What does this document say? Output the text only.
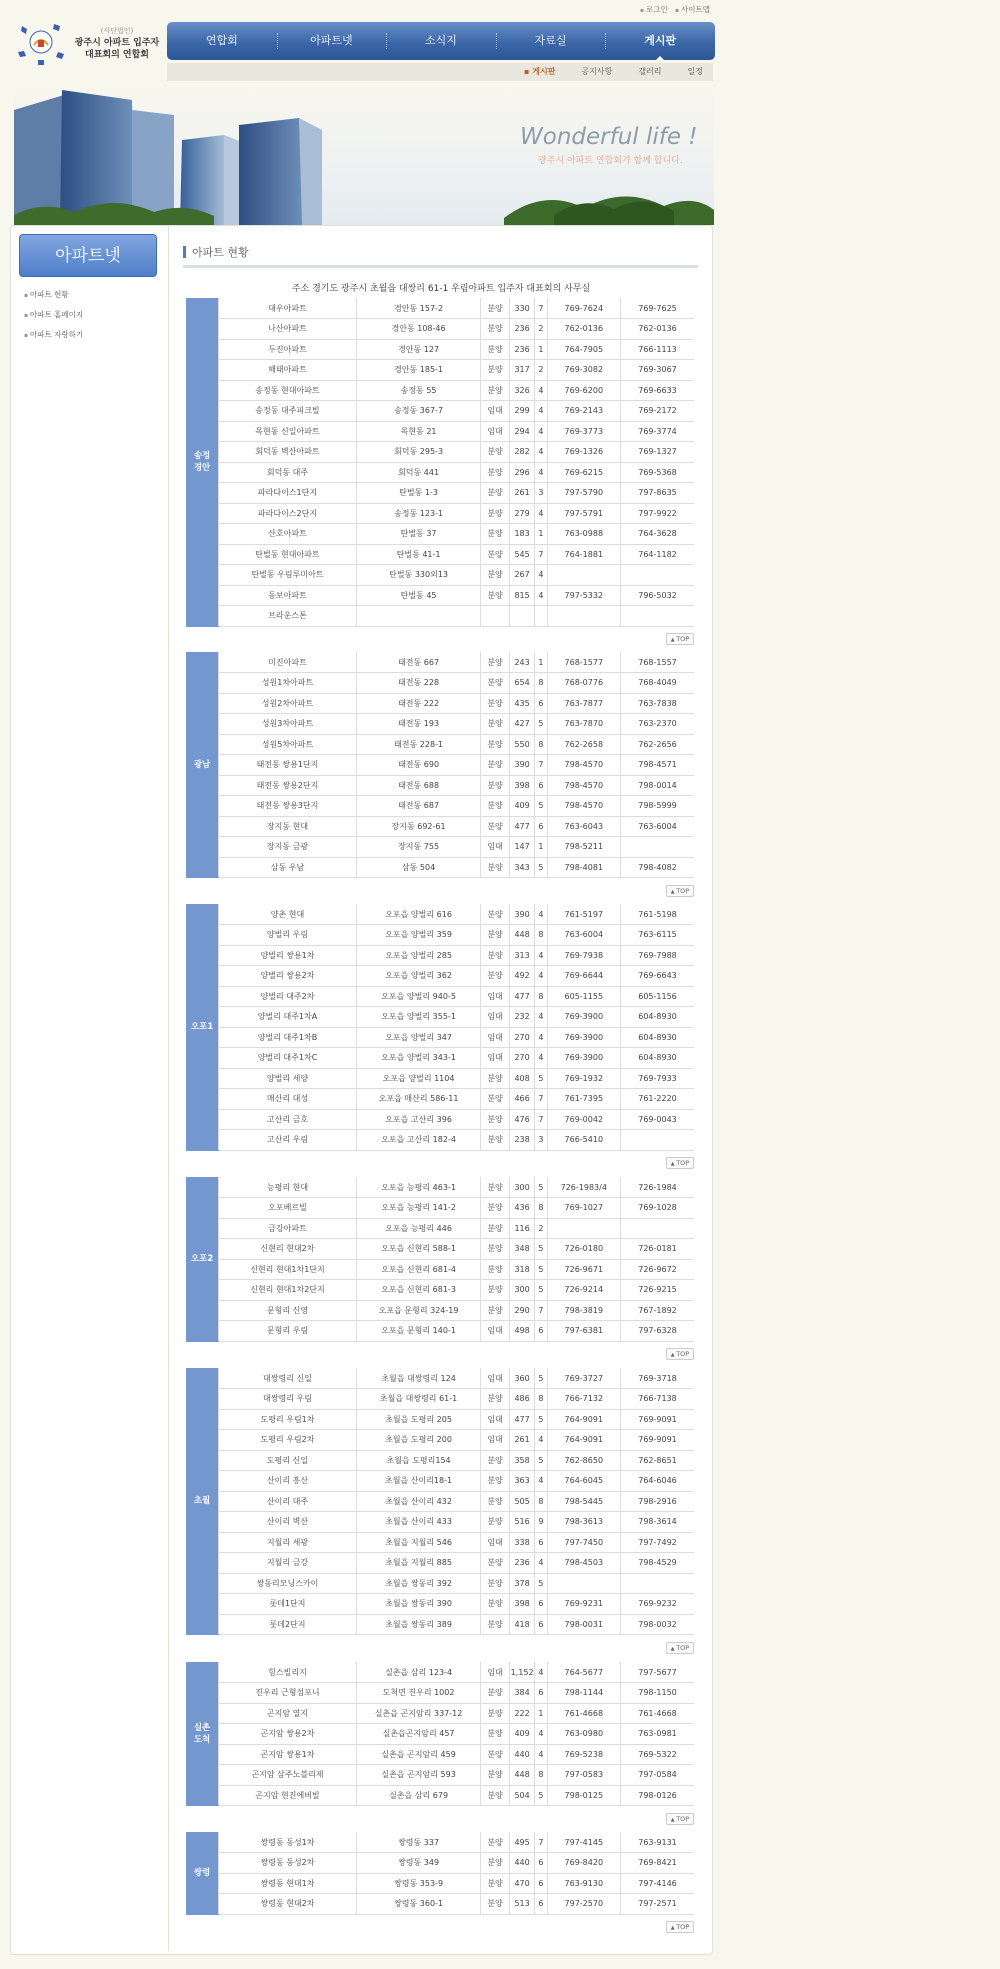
▪ 로그인	▪ 사이트맵
(사단법인)
광주시 아파트 입주자
대표회의 연합회
연합회	아파트넷	소식지	자료실	게시판
▪ 게시판	공지사항	갤러리	일정
Wonderful life !
광주시 아파트 연합회가 함께 합니다.
아파트넷
▪ 아파트 현황
▪ 아파트 홈페이지
▪ 아파트 자랑하기
아파트 현황
주소 경기도 광주시 초월읍 대쌍리 61-1 우림아파트 입주자 대표회의 사무실
송정
경안	대우아파트	경안동 157-2	분양	330	7	769-7624	769-7625
	나산아파트	경안동 108-46	분양	236	2	762-0136	762-0136
	두진아파트	경안동 127	분양	236	1	764-7905	766-1113
	해태아파트	경안동 185-1	분양	317	2	769-3082	769-3067
	송정동 현대아파트	송정동 55	분양	326	4	769-6200	769-6633
	송정동 대주피크빌	송정동 367-7	임대	299	4	769-2143	769-2172
	목현동 신일아파트	목현동 21	임대	294	4	769-3773	769-3774
	회덕동 벽산아파트	회덕동 295-3	분양	282	4	769-1326	769-1327
	회덕동 대주	회덕동 441	분양	296	4	769-6215	769-5368
	파라다이스1단지	탄벌동 1-3	분양	261	3	797-5790	797-8635
	파라다이스2단지	송정동 123-1	분양	279	4	797-5791	797-9922
	산호아파트	탄벌동 37	분양	183	1	763-0988	764-3628
	탄벌동 현대아파트	탄벌동 41-1	분양	545	7	764-1881	764-1182
	탄벌동 우림루미아트	탄벌동 330외13	분양	267	4		
	동보아파트	탄벌동 45	분양	815	4	797-5332	796-5032
	브라운스톤						
▲ TOP
광남	미진아파트	태전동 667	분양	243	1	768-1577	768-1557
	성원1차아파트	태전동 228	분양	654	8	768-0776	768-4049
	성원2차아파트	태전동 222	분양	435	6	763-7877	763-7838
	성원3차아파트	태전동 193	분양	427	5	763-7870	763-2370
	성원5차아파트	태전동 228-1	분양	550	8	762-2658	762-2656
	태전동 쌍용1단지	태전동 690	분양	390	7	798-4570	798-4571
	태전동 쌍용2단지	태전동 688	분양	398	6	798-4570	798-0014
	태전동 쌍용3단지	태전동 687	분양	409	5	798-4570	798-5999
	장지동 현대	장지동 692-61	분양	477	6	763-6043	763-6004
	장지동 금광	장지동 755	임대	147	1	798-5211	
	삼동 우남	삼동 504	분양	343	5	798-4081	798-4082
▲ TOP
오포1	양촌 현대	오포읍 양벌리 616	분양	390	4	761-5197	761-5198
	양벌리 우림	오포읍 양벌리 359	분양	448	8	763-6004	763-6115
	양벌리 쌍용1차	오포읍 양벌리 285	분양	313	4	769-7938	769-7988
	양벌리 쌍용2차	오포읍 양벌리 362	분양	492	4	769-6644	769-6643
	양벌리 대주2차	오포읍 양벌리 940-5	임대	477	8	605-1155	605-1156
	양벌리 대주1차A	오포읍 양벌리 355-1	임대	232	4	769-3900	604-8930
	양벌리 대주1차B	오포읍 양벌리 347	임대	270	4	769-3900	604-8930
	양벌리 대주1차C	오포읍 양벌리 343-1	임대	270	4	769-3900	604-8930
	양벌리 세양	오포읍 양벌리 1104	분양	408	5	769-1932	769-7933
	매산리 대성	오포읍 매산리 586-11	분양	466	7	761-7395	761-2220
	고산리 금호	오포읍 고산리 396	분양	476	7	769-0042	769-0043
	고산리 우림	오포읍 고산리 182-4	분양	238	3	766-5410	
▲ TOP
오포2	능평리 현대	오포읍 능평리 463-1	분양	300	5	726-1983/4	726-1984
	오포베르빌	오포읍 능평리 141-2	분양	436	8	769-1027	769-1028
	금강아파트	오포읍 능평리 446	분양	116	2		
	신현리 현대2차	오포읍 신현리 588-1	분양	348	5	726-0180	726-0181
	신현리 현대1차1단지	오포읍 신현리 681-4	분양	318	5	726-9671	726-9672
	신현리 현대1차2단지	오포읍 신현리 681-3	분양	300	5	726-9214	726-9215
	문형리 신영	오포읍 문형리 324-19	분양	290	7	798-3819	767-1892
	문형리 우림	오포읍 문형리 140-1	임대	498	6	797-6381	797-6328
▲ TOP
초월	대쌍령리 신일	초월읍 대쌍령리 124	임대	360	5	769-3727	769-3718
	대쌍령리 우림	초월읍 대쌍령리 61-1	분양	486	8	766-7132	766-7138
	도평리 우림1차	초월읍 도평리 205	임대	477	5	764-9091	769-9091
	도평리 우림2차	초월읍 도평리 200	임대	261	4	764-9091	769-9091
	도평리 신일	초월읍 도평리154	분양	358	5	762-8650	762-8651
	산이리 흥산	초월읍 산이리18-1	분양	363	4	764-6045	764-6046
	산이리 대주	초월읍 산이리 432	분양	505	8	798-5445	798-2916
	산이리 벽산	초월읍 산이리 433	분양	516	9	798-3613	798-3614
	지월리 세광	초월읍 지월리 546	임대	338	6	797-7450	797-7492
	지월리 금강	초월읍 지월리 885	분양	236	4	798-4503	798-4529
	쌍동리모닝스카이	초월읍 쌍동리 392	분양	378	5		
	롯데1단지	초월읍 쌍동리 390	분양	398	6	769-9231	769-9232
	롯데2단지	초월읍 쌍동리 389	분양	418	6	798-0031	798-0032
▲ TOP
실촌
도척	힘스빌리지	실촌읍 삼리 123-4	임대	1,152	4	764-5677	797-5677
	진우리 근형섬포니	도척면 진우리 1002	분양	384	6	798-1144	798-1150
	곤지암 열지	실촌읍 곤지암리 337-12	분양	222	1	761-4668	761-4668
	곤지암 쌍용2차	실촌읍곤지암리 457	분양	409	4	763-0980	763-0981
	곤지암 쌍용1차	실촌읍 곤지암리 459	분양	440	4	769-5238	769-5322
	곤지암 삼주노블리제	실촌읍 곤지암리 593	분양	448	8	797-0583	797-0584
	곤지암 현진에버빌	실촌읍 삼리 679	분양	504	5	798-0125	798-0126
▲ TOP
쌍령	쌍령동 동성1차	쌍령동 337	분양	495	7	797-4145	763-9131
	쌍령동 동성2차	쌍령동 349	분양	440	6	769-8420	769-8421
	쌍령동 현대1차	쌍령동 353-9	분양	470	6	763-9130	797-4146
	쌍령동 현대2차	쌍령동 360-1	분양	513	6	797-2570	797-2571
▲ TOP
